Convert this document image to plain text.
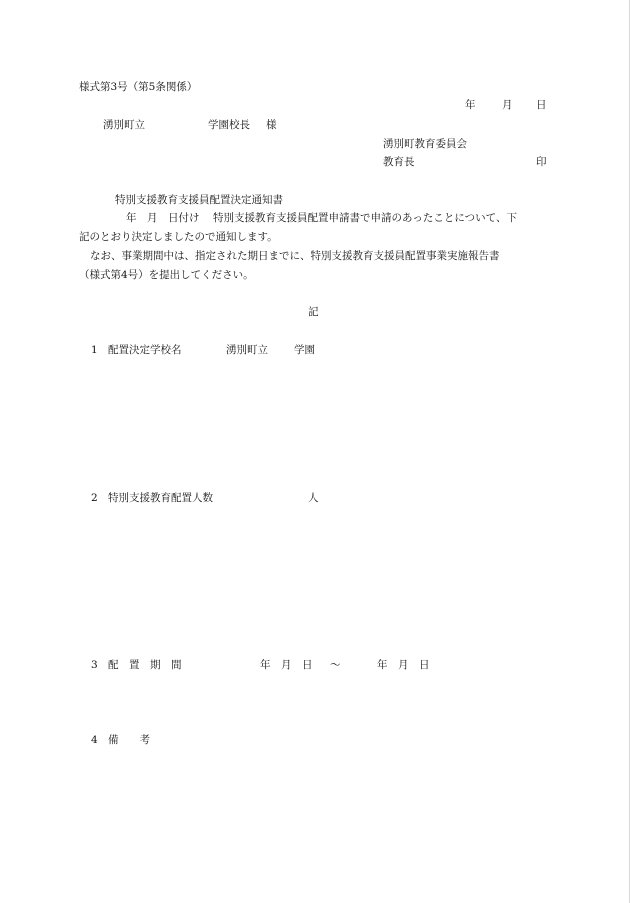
様式第3号（第5条関係）
年	月 日
湧別町立	学園校長 様
湧別町教育委員会
教育長	印
特別支援教育支援員配置決定通知書
年　月　日付け 特別支援教育支援員配置申請書で申請のあったことについて、下
記のとおり決定しましたので通知します。
なお、事業期間中は、指定された期日までに、特別支援教育支援員配置事業実施報告書
（様式第4号）を提出してください。
記
1 配置決定学校名	湧別町立 学園
2 特別支援教育配置人数	人
3 配　置　期　間	年　月　日 ～	年　月　日
4 備　　考
